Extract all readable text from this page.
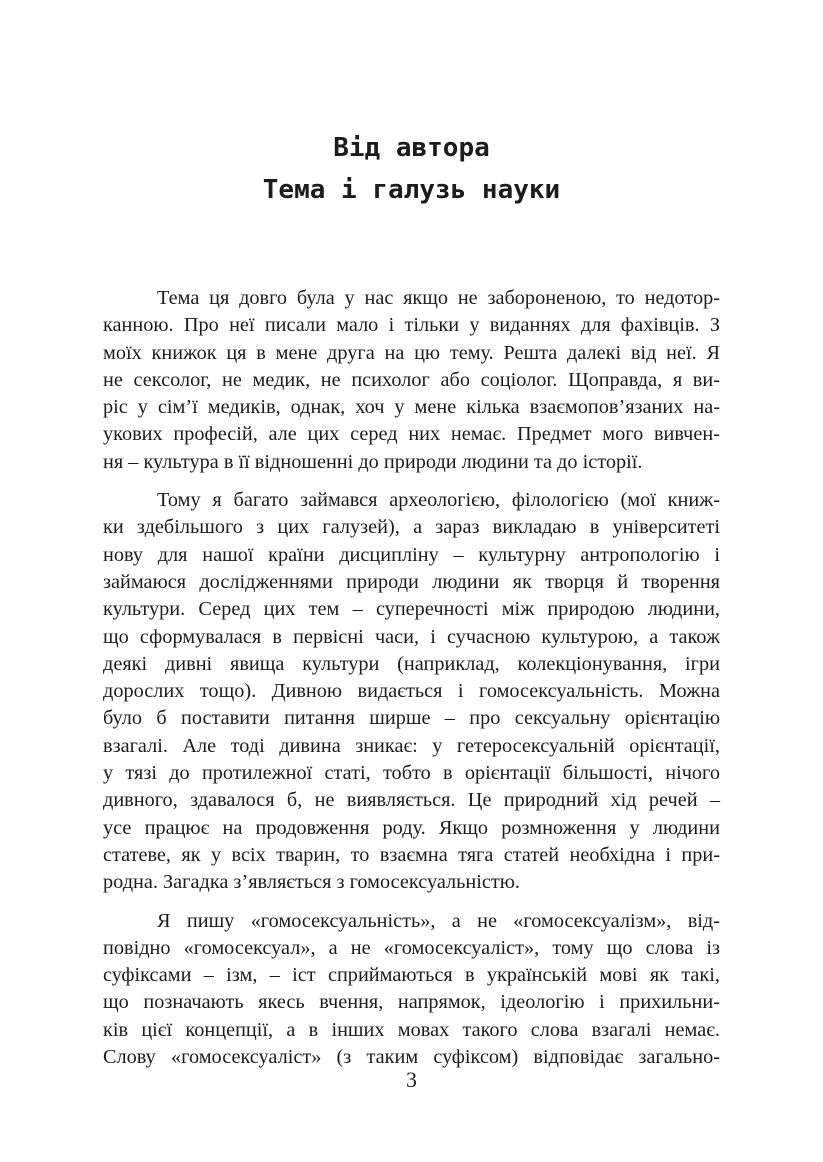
Від автора
Тема і галузь науки
Тема ця довго була у нас якщо не забороненою, то недотор-
канною. Про неї писали мало і тільки у виданнях для фахівців. З
моїх книжок ця в мене друга на цю тему. Решта далекі від неї. Я
не сексолог, не медик, не психолог або соціолог. Щоправда, я ви-
ріс у сім’ї медиків, однак, хоч у мене кілька взаємопов’язаних на-
укових професій, але цих серед них немає. Предмет мого вивчен-
ня – культура в її відношенні до природи людини та до історії.
Тому я багато займався археологією, філологією (мої книж-
ки здебільшого з цих галузей), а зараз викладаю в університеті
нову для нашої країни дисципліну – культурну антропологію і
займаюся дослідженнями природи людини як творця й творення
культури. Серед цих тем – суперечності між природою людини,
що сформувалася в первісні часи, і сучасною культурою, а також
деякі дивні явища культури (наприклад, колекціонування, ігри
дорослих тощо). Дивною видається і гомосексуальність. Можна
було б поставити питання ширше – про сексуальну орієнтацію
взагалі. Але тоді дивина зникає: у гетеросексуальній орієнтації,
у тязі до протилежної статі, тобто в орієнтації більшості, нічого
дивного, здавалося б, не виявляється. Це природний хід речей –
усе працює на продовження роду. Якщо розмноження у людини
статеве, як у всіх тварин, то взаємна тяга статей необхідна і при-
родна. Загадка з’являється з гомосексуальністю.
Я пишу «гомосексуальність», а не «гомосексуалізм», від-
повідно «гомосексуал», а не «гомосексуаліст», тому що слова із
суфіксами – ізм, – іст сприймаються в українській мові як такі,
що позначають якесь вчення, напрямок, ідеологію і прихильни-
ків цієї концепції, а в інших мовах такого слова взагалі немає.
Слову «гомосексуаліст» (з таким суфіксом) відповідає загально-
3
